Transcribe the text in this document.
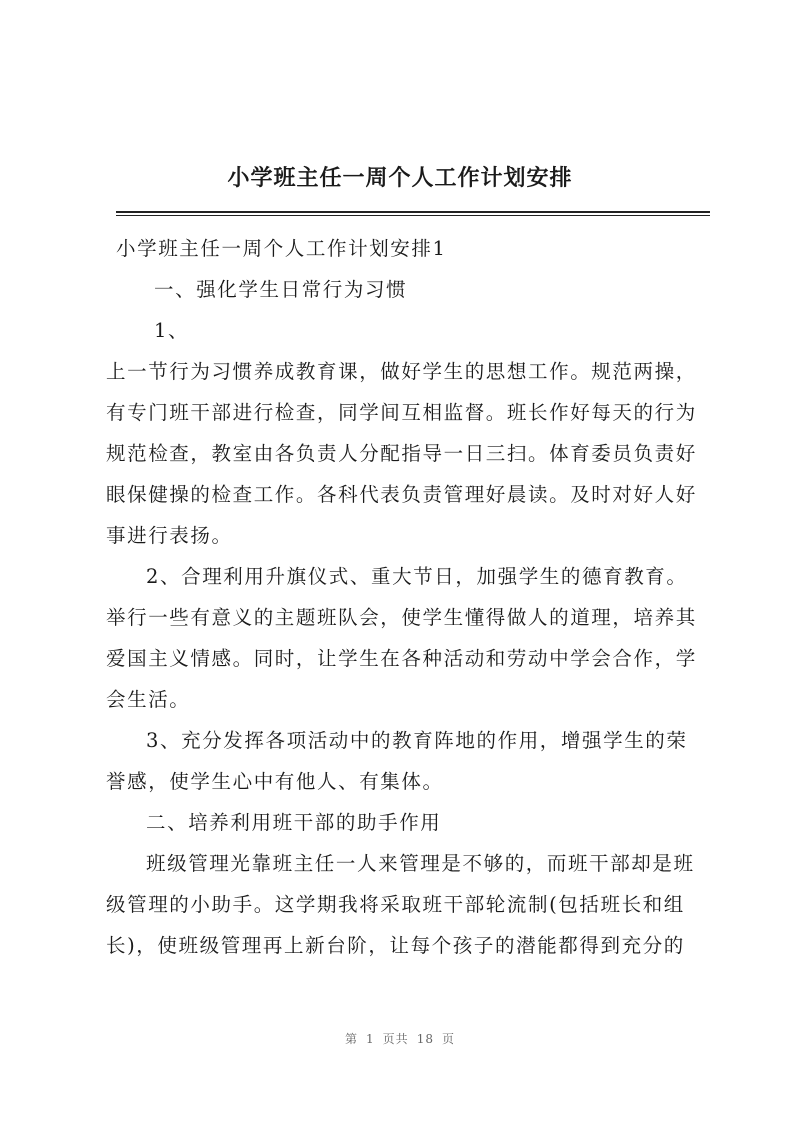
小学班主任一周个人工作计划安排
小学班主任一周个人工作计划安排1
一、强化学生日常行为习惯
1、
上一节行为习惯养成教育课，做好学生的思想工作。规范两操，
有专门班干部进行检查，同学间互相监督。班长作好每天的行为
规范检查，教室由各负责人分配指导一日三扫。体育委员负责好
眼保健操的检查工作。各科代表负责管理好晨读。及时对好人好
事进行表扬。
2、合理利用升旗仪式、重大节日，加强学生的德育教育。
举行一些有意义的主题班队会，使学生懂得做人的道理，培养其
爱国主义情感。同时，让学生在各种活动和劳动中学会合作，学
会生活。
3、充分发挥各项活动中的教育阵地的作用，增强学生的荣
誉感，使学生心中有他人、有集体。
二、培养利用班干部的助手作用
班级管理光靠班主任一人来管理是不够的，而班干部却是班
级管理的小助手。这学期我将采取班干部轮流制(包括班长和组
长)，使班级管理再上新台阶，让每个孩子的潜能都得到充分的
第 1 页共 18 页
